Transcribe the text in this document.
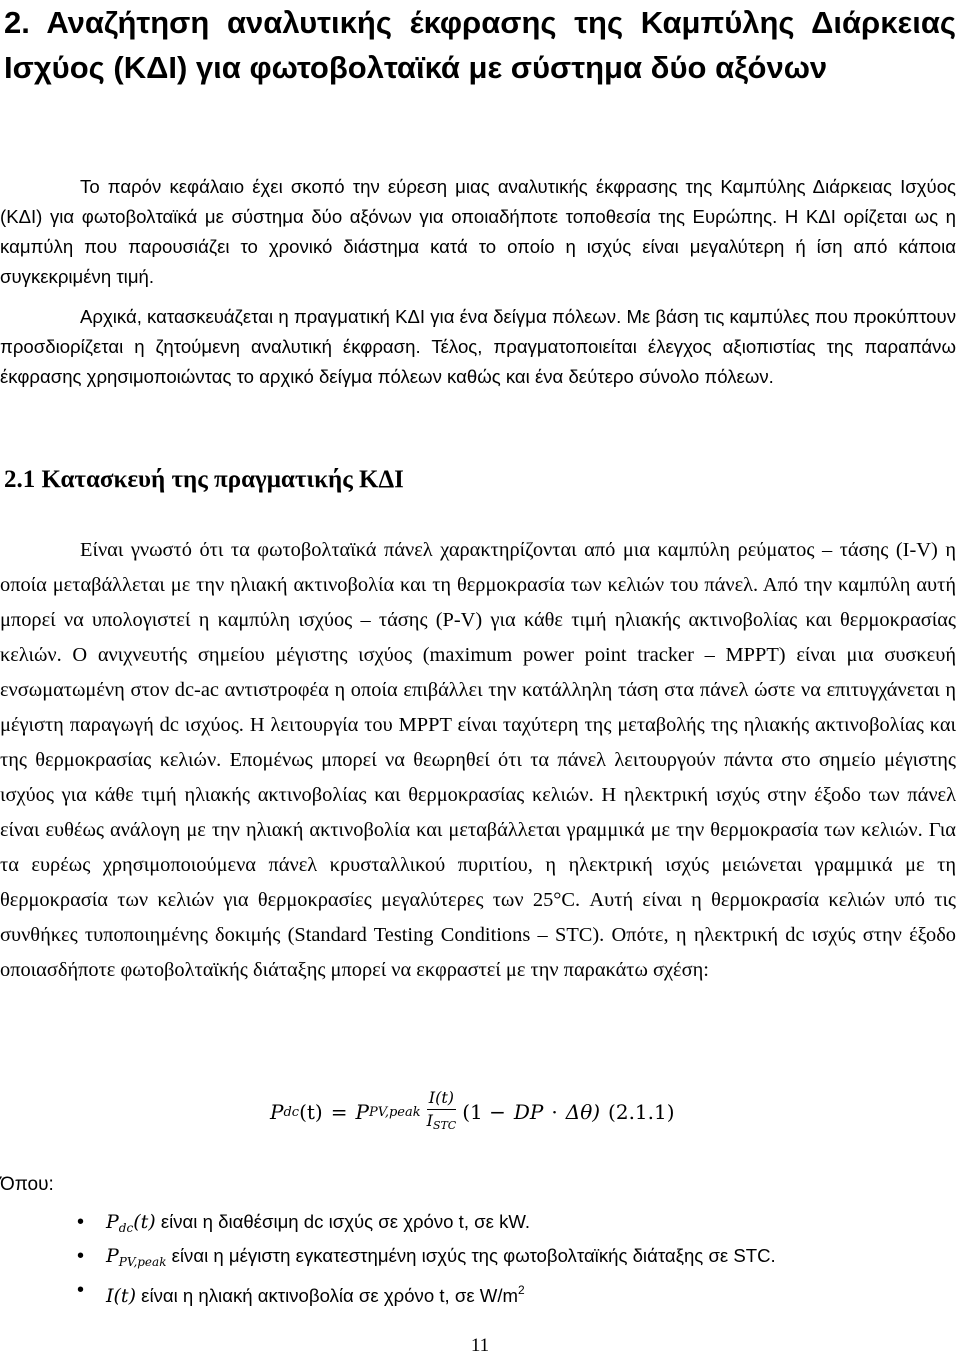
2. Αναζήτηση αναλυτικής έκφρασης της Καμπύλης Διάρκειας Ισχύος (ΚΔΙ) για φωτοβολταϊκά με σύστημα δύο αξόνων

Το παρόν κεφάλαιο έχει σκοπό την εύρεση μιας αναλυτικής έκφρασης της Καμπύλης Διάρκειας Ισχύος (ΚΔΙ) για φωτοβολταϊκά με σύστημα δύο αξόνων για οποιαδήποτε τοποθεσία της Ευρώπης. Η ΚΔΙ ορίζεται ως η καμπύλη που παρουσιάζει το χρονικό διάστημα κατά το οποίο η ισχύς είναι μεγαλύτερη ή ίση από κάποια συγκεκριμένη τιμή.

Αρχικά, κατασκευάζεται η πραγματική ΚΔΙ για ένα δείγμα πόλεων. Με βάση τις καμπύλες που προκύπτουν προσδιορίζεται η ζητούμενη αναλυτική έκφραση. Τέλος, πραγματοποιείται έλεγχος αξιοπιστίας της παραπάνω έκφρασης χρησιμοποιώντας το αρχικό δείγμα πόλεων καθώς και ένα δεύτερο σύνολο πόλεων.

2.1 Κατασκευή της πραγματικής ΚΔΙ

Είναι γνωστό ότι τα φωτοβολταϊκά πάνελ χαρακτηρίζονται από μια καμπύλη ρεύματος – τάσης (I-V) η οποία μεταβάλλεται με την ηλιακή ακτινοβολία και τη θερμοκρασία των κελιών του πάνελ. Από την καμπύλη αυτή μπορεί να υπολογιστεί η καμπύλη ισχύος – τάσης (P-V) για κάθε τιμή ηλιακής ακτινοβολίας και θερμοκρασίας κελιών. Ο ανιχνευτής σημείου μέγιστης ισχύος (maximum power point tracker – MPPT) είναι μια συσκευή ενσωματωμένη στον dc-ac αντιστροφέα η οποία επιβάλλει την κατάλληλη τάση στα πάνελ ώστε να επιτυγχάνεται η μέγιστη παραγωγή dc ισχύος. Η λειτουργία του MPPT είναι ταχύτερη της μεταβολής της ηλιακής ακτινοβολίας και της θερμοκρασίας κελιών. Επομένως μπορεί να θεωρηθεί ότι τα πάνελ λειτουργούν πάντα στο σημείο μέγιστης ισχύος για κάθε τιμή ηλιακής ακτινοβολίας και θερμοκρασίας κελιών. Η ηλεκτρική ισχύς στην έξοδο των πάνελ είναι ευθέως ανάλογη με την ηλιακή ακτινοβολία και μεταβάλλεται γραμμικά με την θερμοκρασία των κελιών. Για τα ευρέως χρησιμοποιούμενα πάνελ κρυσταλλικού πυριτίου, η ηλεκτρική ισχύς μειώνεται γραμμικά με τη θερμοκρασία των κελιών για θερμοκρασίες μεγαλύτερες των 25°C. Αυτή είναι η θερμοκρασία κελιών υπό τις συνθήκες τυποποιημένης δοκιμής (Standard Testing Conditions – STC). Οπότε, η ηλεκτρική dc ισχύς στην έξοδο οποιασδήποτε φωτοβολταϊκής διάταξης μπορεί να εκφραστεί με την παρακάτω σχέση:

P dc (t) = P PV,peak $\frac{I(t)}{I_{STC}} (1$ − DP · Δθ) (2.1.1)
Όπου:
• $P_{dc}(t)$ είναι η διαθέσιμη dc ισχύς σε χρόνο t, σε kW.
• $P_{PV,peak}$ είναι η μέγιστη εγκατεστημένη ισχύς της φωτοβολταϊκής διάταξης σε STC.
• I(t) είναι η ηλιακή ακτινοβολία σε χρόνο t, σε $W/m^2$
11
